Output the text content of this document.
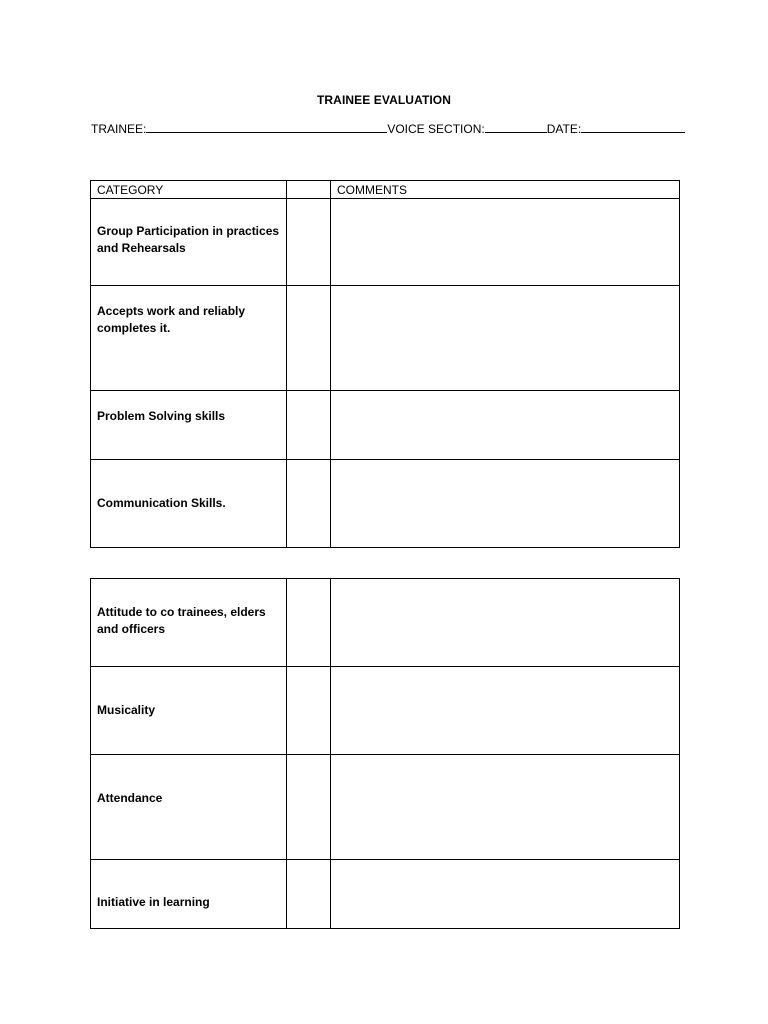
TRAINEE EVALUATION
TRAINEE:	VOICE SECTION:	DATE:
CATEGORY		COMMENTS

Group Participation in practices and Rehearsals		

Accepts work and reliably completes it.		

Problem Solving skills		

Communication Skills.		

Attitude to co trainees, elders and officers		

Musicality		

Attendance		

Initiative in learning		
